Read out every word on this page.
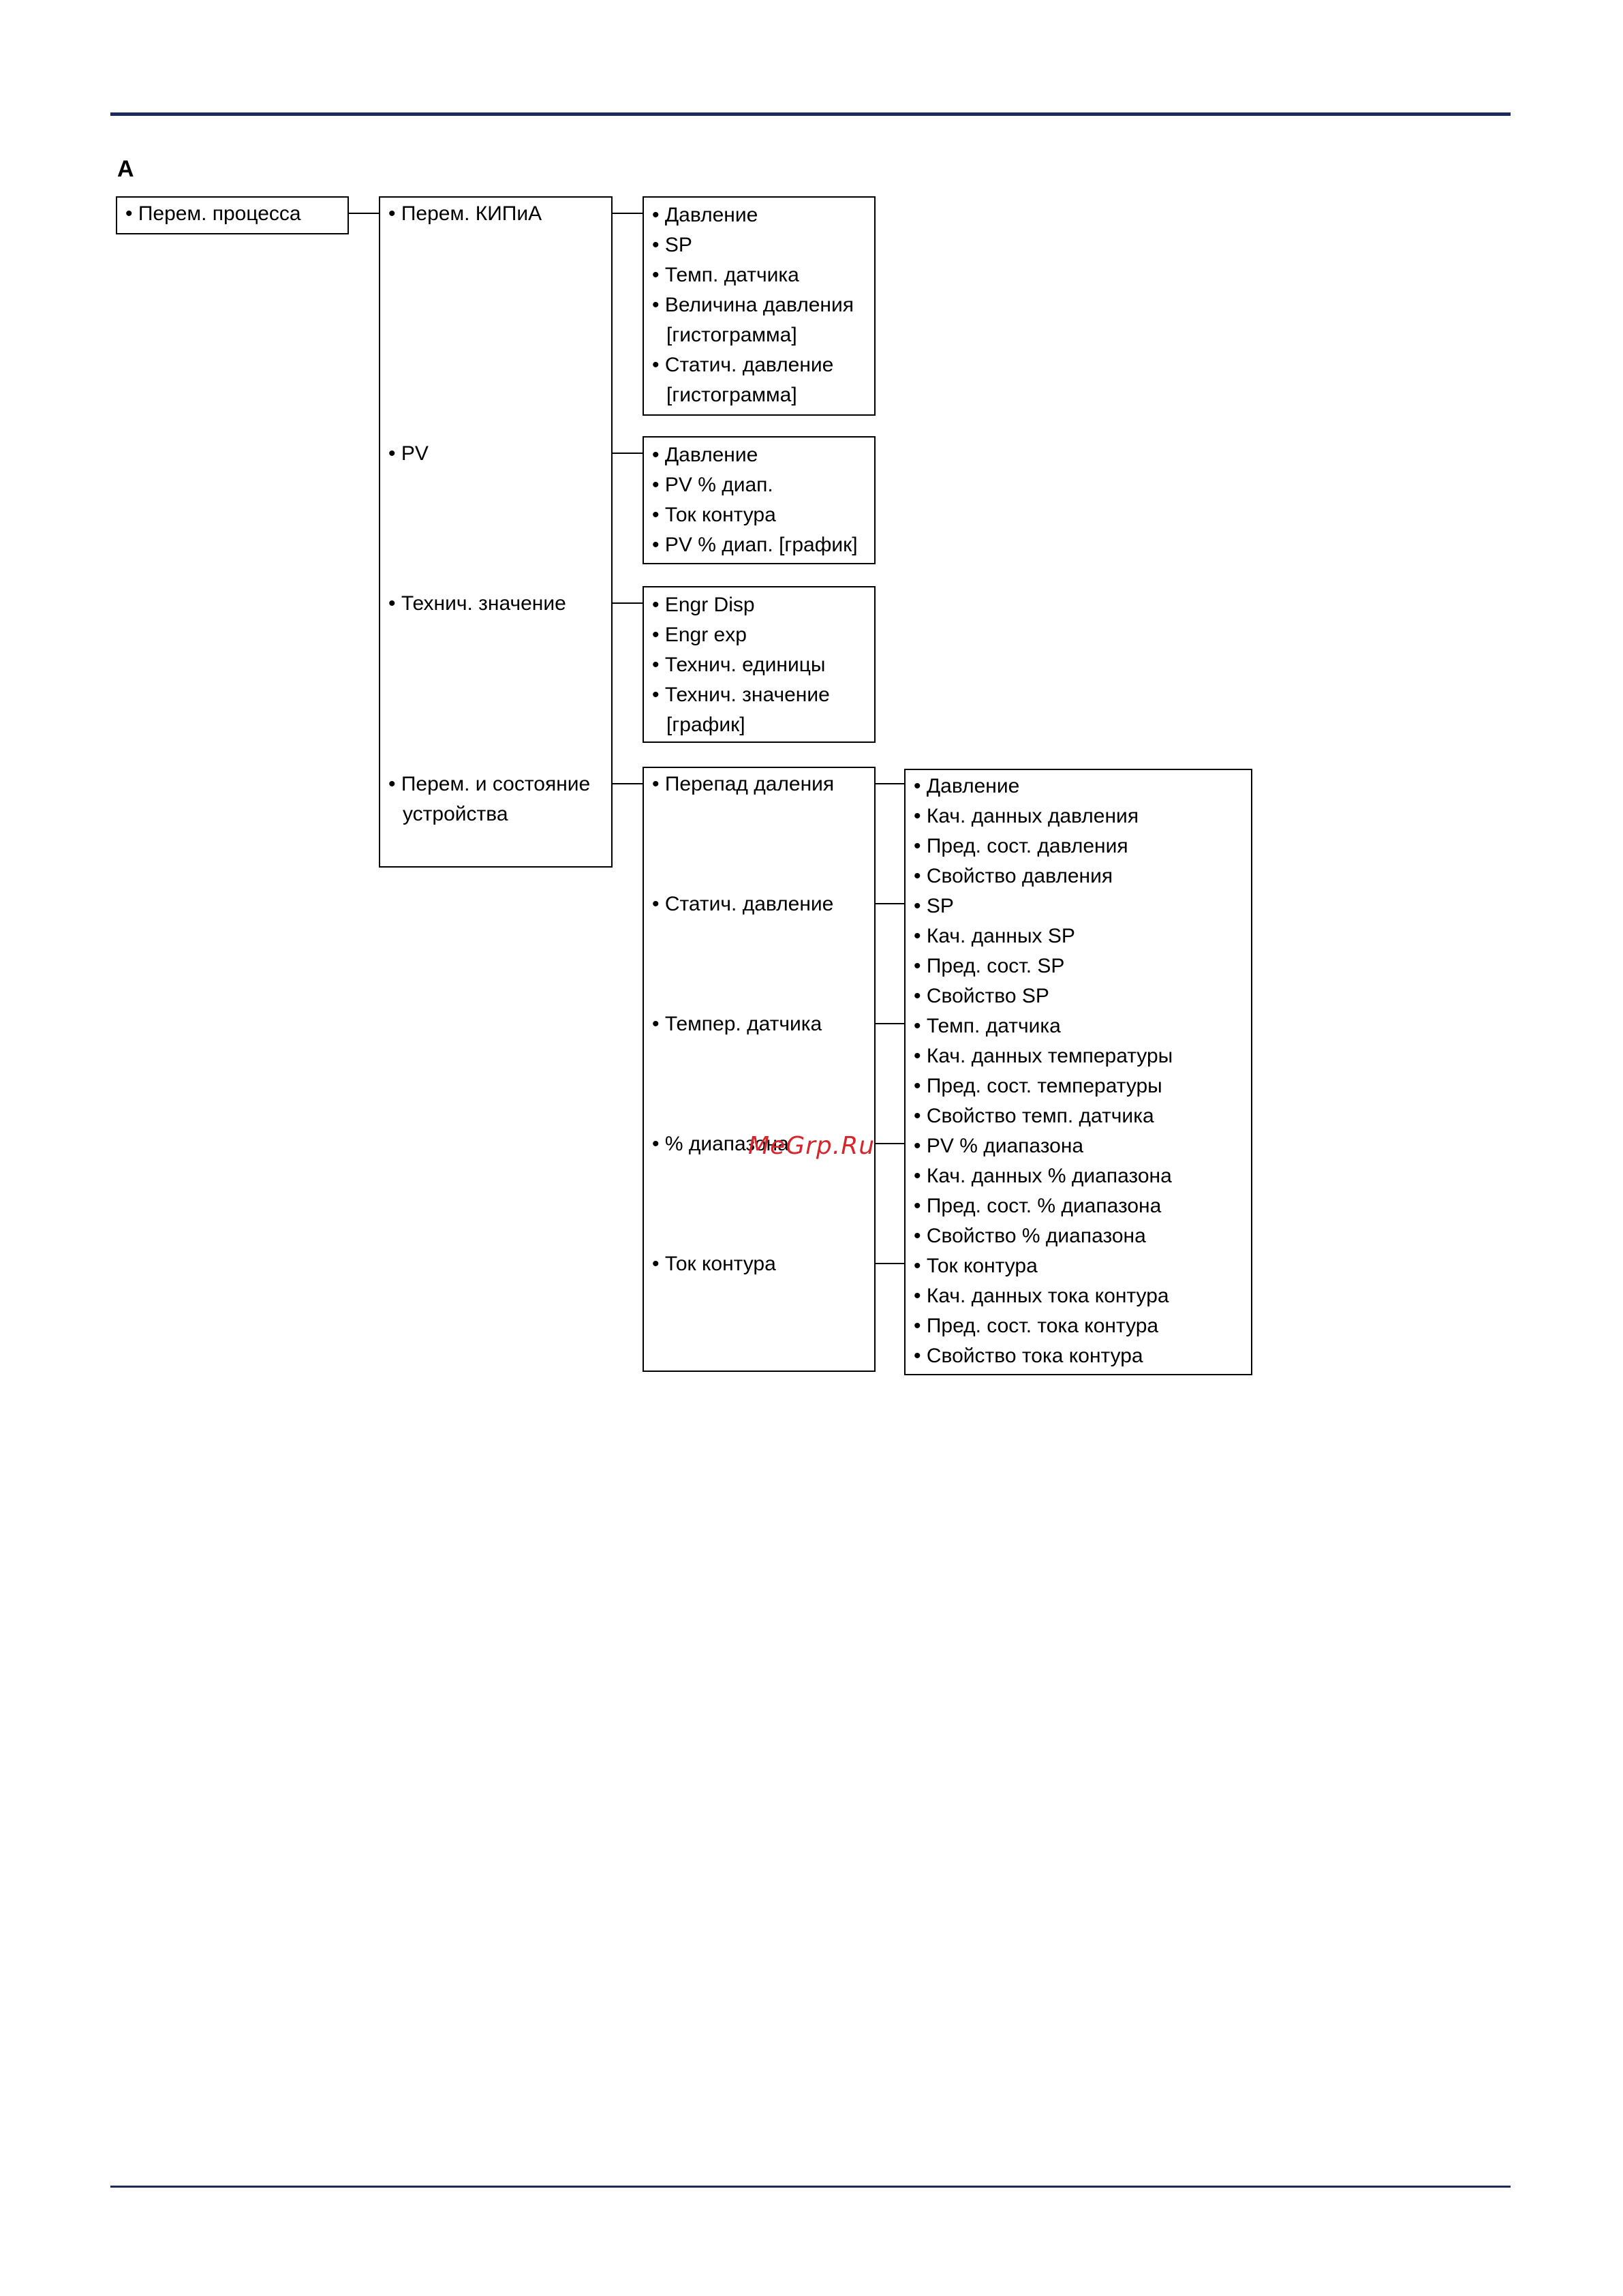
A
• Перем. процесса	• Перем. КИПиА
• PV
• Технич. значение
• Перем. и состояние
устройства
• Давление
• SP
• Темп. датчика
• Величина давления
[гистограмма]
• Статич. давление
[гистограмма]
• Давление
• PV % диап.
• Ток контура
• PV % диап. [график]
• Engr Disp
• Engr exp
• Технич. единицы
• Технич. значение
[график]
• Перепад даления
• Статич. давление
• Темпер. датчика
• % диапазона
• Ток контура
• Давление
• Кач. данных давления
• Пред. сост. давления
• Свойство давления
• SP
• Кач. данных SP
• Пред. сост. SP
• Свойство SP
• Темп. датчика
• Кач. данных температуры
• Пред. сост. температуры
• Свойство темп. датчика
• PV % диапазона
• Кач. данных % диапазона
• Пред. сост. % диапазона
• Свойство % диапазона
• Ток контура
• Кач. данных тока контура
• Пред. сост. тока контура
• Свойство тока контура
MeGrp.Ru
